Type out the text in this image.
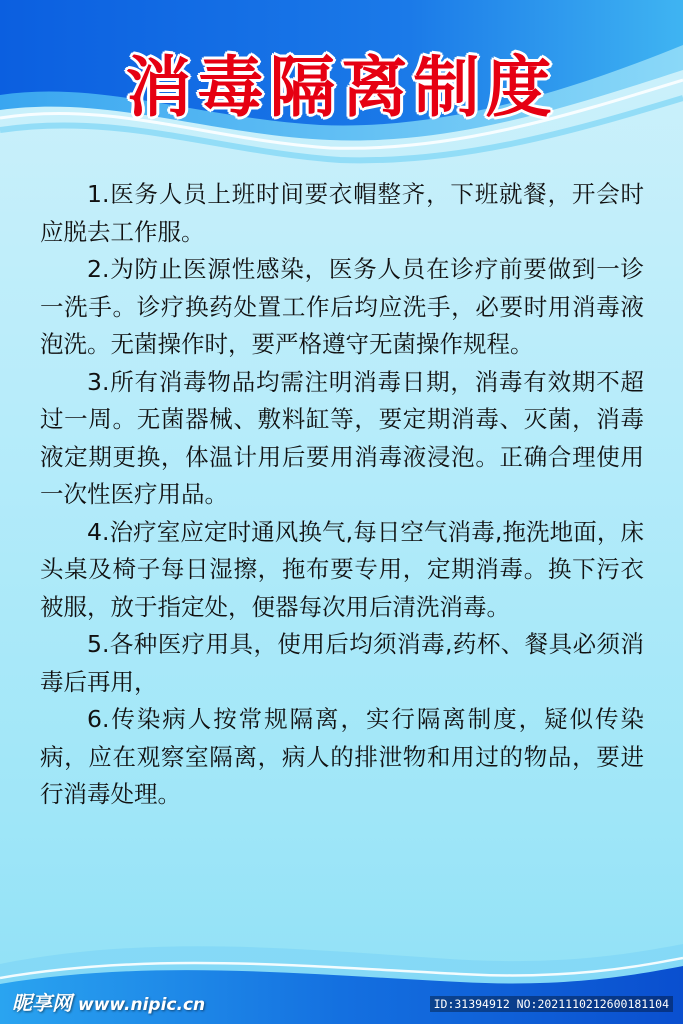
消毒隔离制度

1.医务人员上班时间要衣帽整齐，下班就餐，开会时应脱去工作服。

2.为防止医源性感染，医务人员在诊疗前要做到一诊一洗手。诊疗换药处置工作后均应洗手，必要时用消毒液泡洗。无菌操作时，要严格遵守无菌操作规程。

3.所有消毒物品均需注明消毒日期，消毒有效期不超过一周。无菌器械、敷料缸等，要定期消毒、灭菌，消毒液定期更换，体温计用后要用消毒液浸泡。正确合理使用一次性医疗用品。

4.治疗室应定时通风换气,每日空气消毒,拖洗地面，床头桌及椅子每日湿擦，拖布要专用，定期消毒。换下污衣被服，放于指定处，便器每次用后清洗消毒。

5.各种医疗用具，使用后均须消毒,药杯、餐具必须消毒后再用，

6.传染病人按常规隔离，实行隔离制度，疑似传染病，应在观察室隔离，病人的排泄物和用过的物品，要进行消毒处理。

昵享网 www.nipic.cn	ID:31394912 NO:20211102126001811​04
